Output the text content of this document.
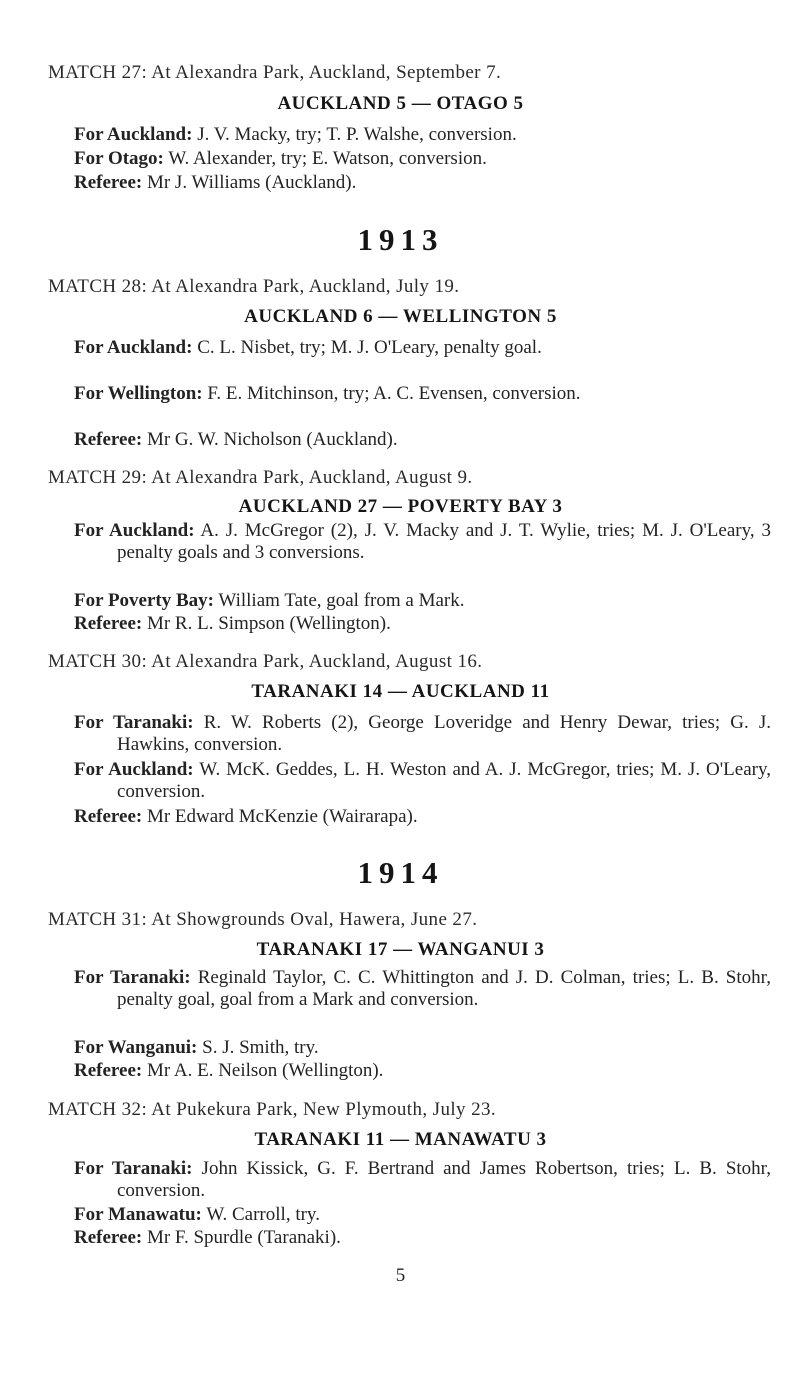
MATCH 27: At Alexandra Park, Auckland, September 7.
AUCKLAND 5 — OTAGO 5
For Auckland: J. V. Macky, try; T. P. Walshe, conversion.
For Otago: W. Alexander, try; E. Watson, conversion.
Referee: Mr J. Williams (Auckland).
1913
MATCH 28: At Alexandra Park, Auckland, July 19.
AUCKLAND 6 — WELLINGTON 5
For Auckland: C. L. Nisbet, try; M. J. O'Leary, penalty goal.
For Wellington: F. E. Mitchinson, try; A. C. Evensen, conversion.
Referee: Mr G. W. Nicholson (Auckland).
MATCH 29: At Alexandra Park, Auckland, August 9.
AUCKLAND 27 — POVERTY BAY 3
For Auckland: A. J. McGregor (2), J. V. Macky and J. T. Wylie, tries; M. J. O'Leary, 3 penalty goals and 3 conversions.
For Poverty Bay: William Tate, goal from a Mark.
Referee: Mr R. L. Simpson (Wellington).
MATCH 30: At Alexandra Park, Auckland, August 16.
TARANAKI 14 — AUCKLAND 11
For Taranaki: R. W. Roberts (2), George Loveridge and Henry Dewar, tries; G. J. Hawkins, conversion.
For Auckland: W. McK. Geddes, L. H. Weston and A. J. McGregor, tries; M. J. O'Leary, conversion.
Referee: Mr Edward McKenzie (Wairarapa).
1914
MATCH 31: At Showgrounds Oval, Hawera, June 27.
TARANAKI 17 — WANGANUI 3
For Taranaki: Reginald Taylor, C. C. Whittington and J. D. Colman, tries; L. B. Stohr, penalty goal, goal from a Mark and conversion.
For Wanganui: S. J. Smith, try.
Referee: Mr A. E. Neilson (Wellington).
MATCH 32: At Pukekura Park, New Plymouth, July 23.
TARANAKI 11 — MANAWATU 3
For Taranaki: John Kissick, G. F. Bertrand and James Robertson, tries; L. B. Stohr, conversion.
For Manawatu: W. Carroll, try.
Referee: Mr F. Spurdle (Taranaki).
5
